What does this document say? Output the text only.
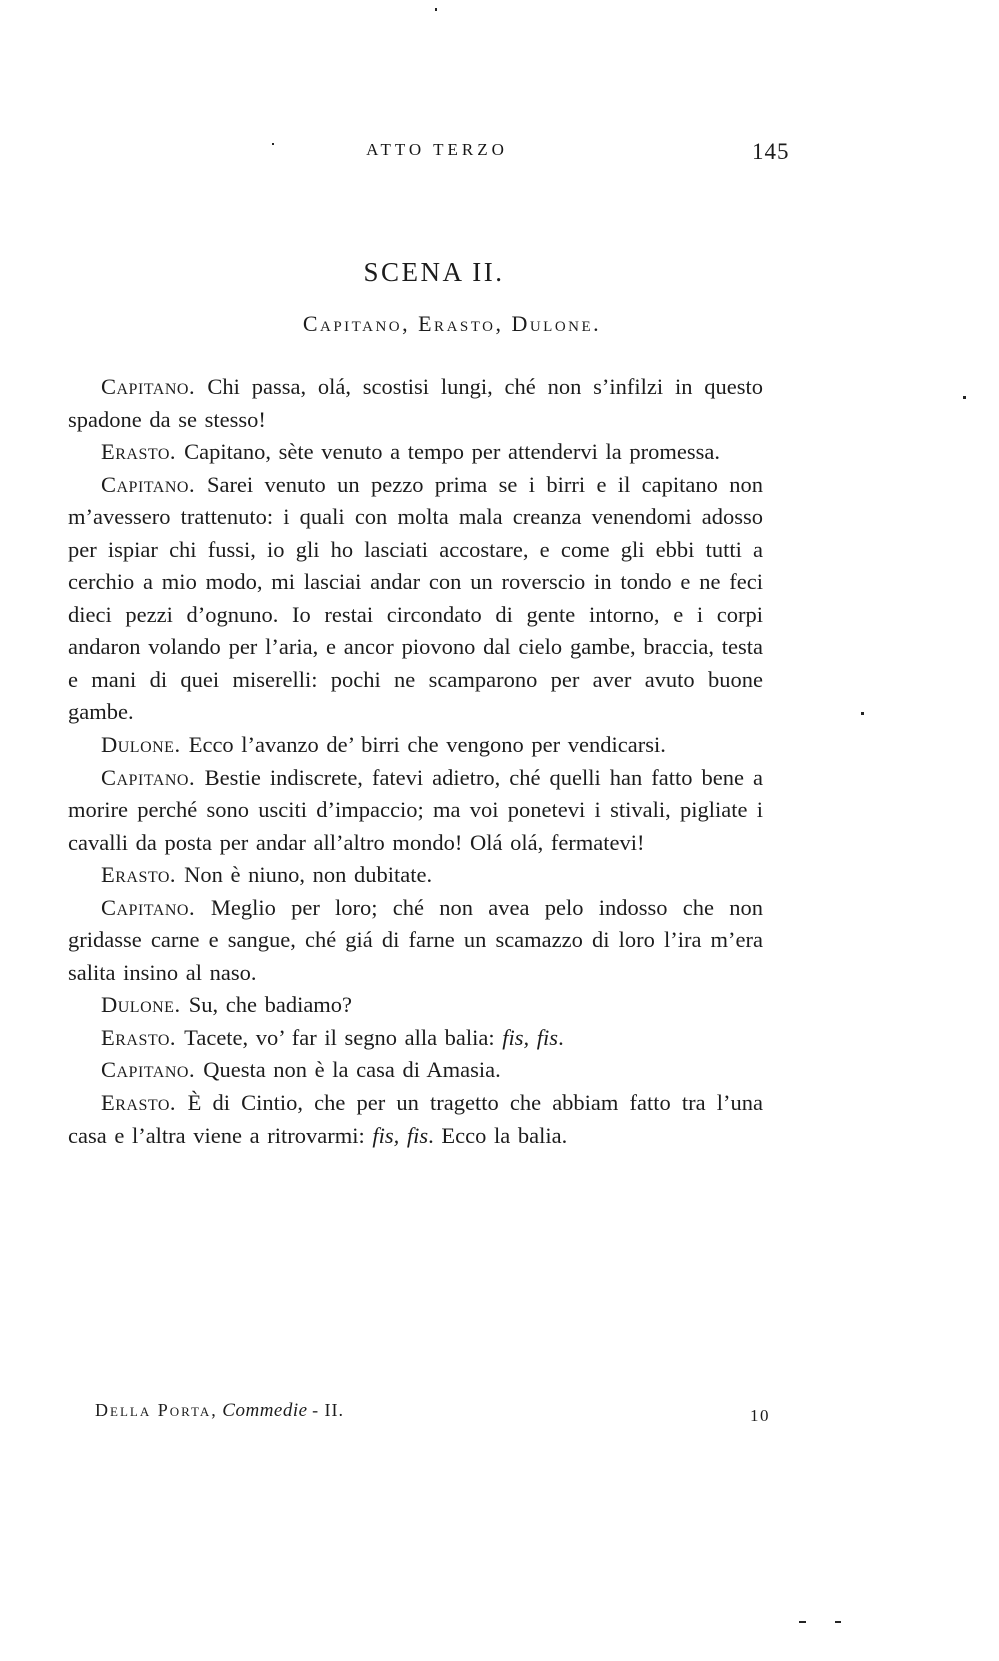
ATTO TERZO	145
SCENA II.
Capitano, Erasto, Dulone.

Capitano. Chi passa, olá, scostisi lungi, ché non s’infilzi in questo spadone da se stesso!

Erasto. Capitano, sète venuto a tempo per attendervi la promessa.

Capitano. Sarei venuto un pezzo prima se i birri e il capitano non m’avessero trattenuto: i quali con molta mala creanza venendomi adosso per ispiar chi fussi, io gli ho lasciati accostare, e come gli ebbi tutti a cerchio a mio modo, mi lasciai andar con un roverscio in tondo e ne feci dieci pezzi d’ognuno. Io restai circondato di gente intorno, e i corpi andaron volando per l’aria, e ancor piovono dal cielo gambe, braccia, testa e mani di quei miserelli: pochi ne scamparono per aver avuto buone gambe.

Dulone. Ecco l’avanzo de’ birri che vengono per vendicarsi.

Capitano. Bestie indiscrete, fatevi adietro, ché quelli han fatto bene a morire perché sono usciti d’impaccio; ma voi ponetevi i stivali, pigliate i cavalli da posta per andar all’altro mondo! Olá olá, fermatevi!

Erasto. Non è niuno, non dubitate.

Capitano. Meglio per loro; ché non avea pelo indosso che non gridasse carne e sangue, ché giá di farne un scamazzo di loro l’ira m’era salita insino al naso.

Dulone. Su, che badiamo?

Erasto. Tacete, vo’ far il segno alla balia: fis, fis.

Capitano. Questa non è la casa di Amasia.

Erasto. È di Cintio, che per un tragetto che abbiam fatto tra l’una casa e l’altra viene a ritrovarmi: fis, fis. Ecco la balia.

Della Porta, Commedie - II.	10
